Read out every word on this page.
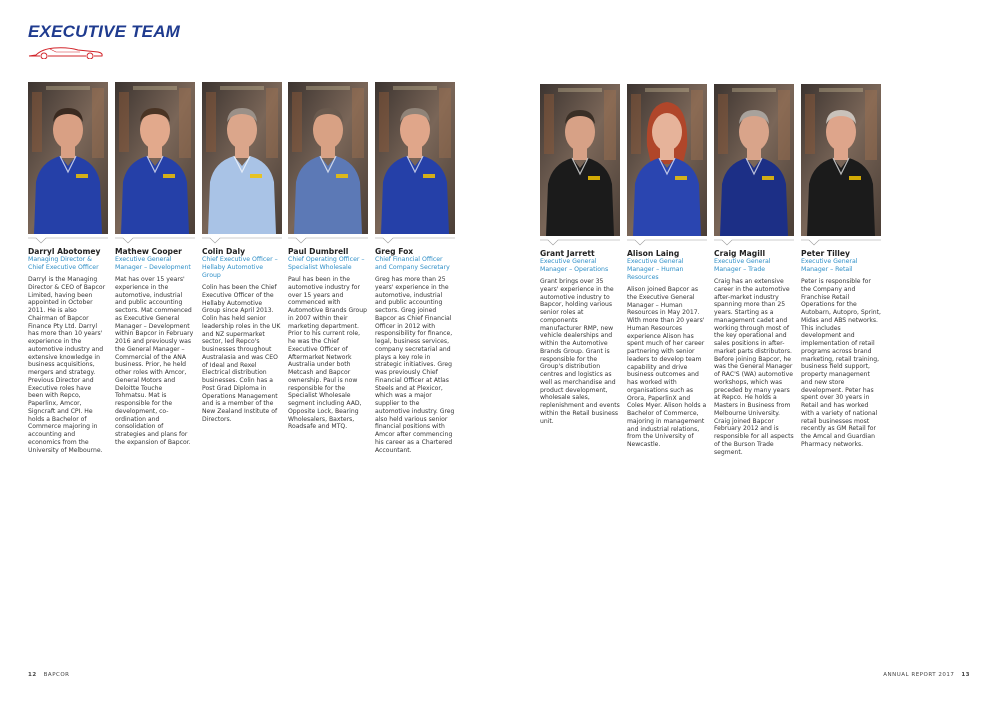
EXECUTIVE TEAM
Darryl Abotomey
Managing Director & Chief Executive Officer
Darryl is the Managing Director & CEO of Bapcor Limited, having been appointed in October 2011. He is also Chairman of Bapcor Finance Pty Ltd. Darryl has more than 10 years' experience in the automotive industry and extensive knowledge in business acquisitions, mergers and strategy. Previous Director and Executive roles have been with Repco, Paperlinx, Amcor, Signcraft and CPI. He holds a Bachelor of Commerce majoring in accounting and economics from the University of Melbourne.
Mathew Cooper
Executive General Manager – Development
Mat has over 15 years' experience in the automotive, industrial and public accounting sectors. Mat commenced as Executive General Manager – Development within Bapcor in February 2016 and previously was the General Manager – Commercial of the ANA business. Prior, he held other roles with Amcor, General Motors and Deloitte Touche Tohmatsu. Mat is responsible for the development, co-ordination and consolidation of strategies and plans for the expansion of Bapcor.
Colin Daly
Chief Executive Officer – Hellaby Automotive Group
Colin has been the Chief Executive Officer of the Hellaby Automotive Group since April 2013. Colin has held senior leadership roles in the UK and NZ supermarket sector, led Repco's businesses throughout Australasia and was CEO of Ideal and Rexel Electrical distribution businesses. Colin has a Post Grad Diploma in Operations Management and is a member of the New Zealand Institute of Directors.
Paul Dumbrell
Chief Operating Officer – Specialist Wholesale
Paul has been in the automotive industry for over 15 years and commenced with Automotive Brands Group in 2007 within their marketing department. Prior to his current role, he was the Chief Executive Officer of Aftermarket Network Australia under both Metcash and Bapcor ownership. Paul is now responsible for the Specialist Wholesale segment including AAD, Opposite Lock, Bearing Wholesalers, Baxters, Roadsafe and MTQ.
Greg Fox
Chief Financial Officer and Company Secretary
Greg has more than 25 years' experience in the automotive, industrial and public accounting sectors. Greg joined Bapcor as Chief Financial Officer in 2012 with responsibility for finance, legal, business services, company secretarial and plays a key role in strategic initiatives. Greg was previously Chief Financial Officer at Atlas Steels and at Plexicor, which was a major supplier to the automotive industry. Greg also held various senior financial positions with Amcor after commencing his career as a Chartered Accountant.
Grant Jarrett
Executive General Manager – Operations
Grant brings over 35 years' experience in the automotive industry to Bapcor, holding various senior roles at components manufacturer RMP, new vehicle dealerships and within the Automotive Brands Group. Grant is responsible for the Group's distribution centres and logistics as well as merchandise and product development, wholesale sales, replenishment and events within the Retail business unit.
Alison Laing
Executive General Manager – Human Resources
Alison joined Bapcor as the Executive General Manager – Human Resources in May 2017. With more than 20 years' Human Resources experience Alison has spent much of her career partnering with senior leaders to develop team capability and drive business outcomes and has worked with organisations such as Orora, PaperlinX and Coles Myer. Alison holds a Bachelor of Commerce, majoring in management and industrial relations, from the University of Newcastle.
Craig Magill
Executive General Manager – Trade
Craig has an extensive career in the automotive after-market industry spanning more than 25 years. Starting as a management cadet and working through most of the key operational and sales positions in after-market parts distributors. Before joining Bapcor, he was the General Manager of RAC'S (WA) automotive workshops, which was preceded by many years at Repco. He holds a Masters in Business from Melbourne University. Craig joined Bapcor February 2012 and is responsible for all aspects of the Burson Trade segment.
Peter Tilley
Executive General Manager – Retail
Peter is responsible for the Company and Franchise Retail Operations for the Autobarn, Autopro, Sprint, Midas and ABS networks. This includes development and implementation of retail programs across brand marketing, retail training, business field support, property management and new store development. Peter has spent over 30 years in Retail and has worked with a variety of national retail businesses most recently as GM Retail for the Amcal and Guardian Pharmacy networks.
12 BAPCOR	ANNUAL REPORT 2017 13
